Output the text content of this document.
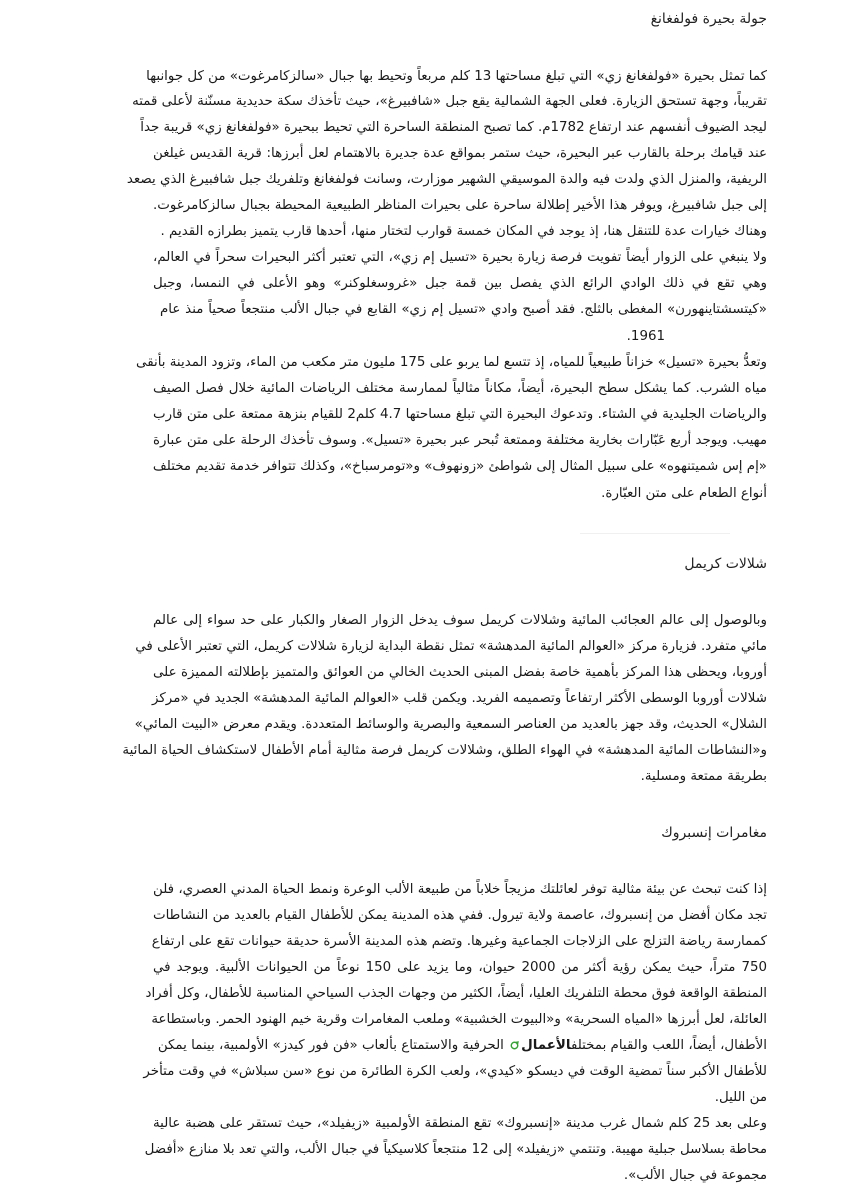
جولة بحيرة فولفغانغ
كما تمثل بحيرة «فولفغانغ زي» التي تبلغ مساحتها 13 كلم مربعاً وتحيط بها جبال «سالزكامرغوت» من كل جوانبها
تقريباً، وجهة تستحق الزيارة. فعلى الجهة الشمالية يقع جبل «شافبيرغ»، حيث تأخذك سكة حديدية مسنّنة لأعلى قمته
ليجد الضيوف أنفسهم عند ارتفاع 1782م. كما تصبح المنطقة الساحرة التي تحيط ببحيرة «فولفغانغ زي» قريبة جداً
عند قيامك برحلة بالقارب عبر البحيرة، حيث ستمر بمواقع عدة جديرة بالاهتمام لعل أبرزها: قرية القديس غيلغن
الريفية، والمنزل الذي ولدت فيه والدة الموسيقي الشهير موزارت، وسانت فولفغانغ وتلفريك جبل شافبيرغ الذي يصعد
إلى جبل شافبيرغ، ويوفر هذا الأخير إطلالة ساحرة على بحيرات المناظر الطبيعية المحيطة بجبال سالزكامرغوت.
وهناك خيارات عدة للتنقل هنا، إذ يوجد في المكان خمسة قوارب لتختار منها، أحدها قارب يتميز بطرازه القديم .
ولا ينبغي على الزوار أيضاً تفويت فرصة زيارة بحيرة «تسيل إم زي»، التي تعتبر أكثر البحيرات سحراً في العالم،
وهي تقع في ذلك الوادي الرائع الذي يفصل بين قمة جبل «غروسغلوكنر» وهو الأعلى في النمسا، وجبل
«كيتسشتاينهورن» المغطى بالثلج. فقد أصبح وادي «تسيل إم زي» القابع في جبال الألب منتجعاً صحياً منذ عام
1961.
وتعدُّ بحيرة «تسيل» خزاناً طبيعياً للمياه، إذ تتسع لما يربو على 175 مليون متر مكعب من الماء، وتزود المدينة بأنقى
مياه الشرب. كما يشكل سطح البحيرة، أيضاً، مكاناً مثالياً لممارسة مختلف الرياضات المائية خلال فصل الصيف
والرياضات الجليدية في الشتاء. وتدعوك البحيرة التي تبلغ مساحتها 4.7 كلم2 للقيام بنزهة ممتعة على متن قارب
مهيب. ويوجد أربع عَبّارات بخارية مختلفة وممتعة تُبحر عبر بحيرة «تسيل». وسوف تأخذك الرحلة على متن عبارة
«إم إس شميتنهوه» على سبيل المثال إلى شواطئ «زونهوف» و«تومرسباخ»، وكذلك تتوافر خدمة تقديم مختلف
أنواع الطعام على متن العبّارة.
شلالات كريمل
وبالوصول إلى عالم العجائب المائية وشلالات كريمل سوف يدخل الزوار الصغار والكبار على حد سواء إلى عالم
مائي متفرد. فزيارة مركز «العوالم المائية المدهشة» تمثل نقطة البداية لزيارة شلالات كريمل، التي تعتبر الأعلى في
أوروبا، ويحظى هذا المركز بأهمية خاصة بفضل المبنى الحديث الخالي من العوائق والمتميز بإطلالته المميزة على
شلالات أوروبا الوسطى الأكثر ارتفاعاً وتصميمه الفريد. ويكمن قلب «العوالم المائية المدهشة» الجديد في «مركز
الشلال» الحديث، وقد جهز بالعديد من العناصر السمعية والبصرية والوسائط المتعددة. ويقدم معرض «البيت المائي»
و«النشاطات المائية المدهشة» في الهواء الطلق، وشلالات كريمل فرصة مثالية أمام الأطفال لاستكشاف الحياة المائية
بطريقة ممتعة ومسلية.
مغامرات إنسبروك
إذا كنت تبحث عن بيئة مثالية توفر لعائلتك مزيجاً خلاباً من طبيعة الألب الوعرة ونمط الحياة المدني العصري، فلن
تجد مكان أفضل من إنسبروك، عاصمة ولاية تيرول. ففي هذه المدينة يمكن للأطفال القيام بالعديد من النشاطات
كممارسة رياضة التزلج على الزلاجات الجماعية وغيرها. وتضم هذه المدينة الأسرة حديقة حيوانات تقع على ارتفاع
750 متراً، حيث يمكن رؤية أكثر من 2000 حيوان، وما يزيد على 150 نوعاً من الحيوانات الألبية. ويوجد في
المنطقة الواقعة فوق محطة التلفريك العليا، أيضاً، الكثير من وجهات الجذب السياحي المناسبة للأطفال، وكل أفراد
العائلة، لعل أبرزها «المياه السحرية» و«البيوت الخشبية» وملعب المغامرات وقرية خيم الهنود الحمر. وباستطاعة
الأطفال، أيضاً، اللعب والقيام بمختلفالأعمال الحرفية والاستمتاع بألعاب «فن فور كيدز» الأولمبية، بينما يمكن
للأطفال الأكبر سناً تمضية الوقت في ديسكو «كيدي»، ولعب الكرة الطائرة من نوع «سن سبلاش» في وقت متأخر
من الليل.
وعلى بعد 25 كلم شمال غرب مدينة «إنسبروك» تقع المنطقة الأولمبية «زيفيلد»، حيث تستقر على هضبة عالية
محاطة بسلاسل جبلية مهيبة. وتنتمي «زيفيلد» إلى 12 منتجعاً كلاسيكياً في جبال الألب، والتي تعد بلا منازع «أفضل
مجموعة في جبال الألب».
